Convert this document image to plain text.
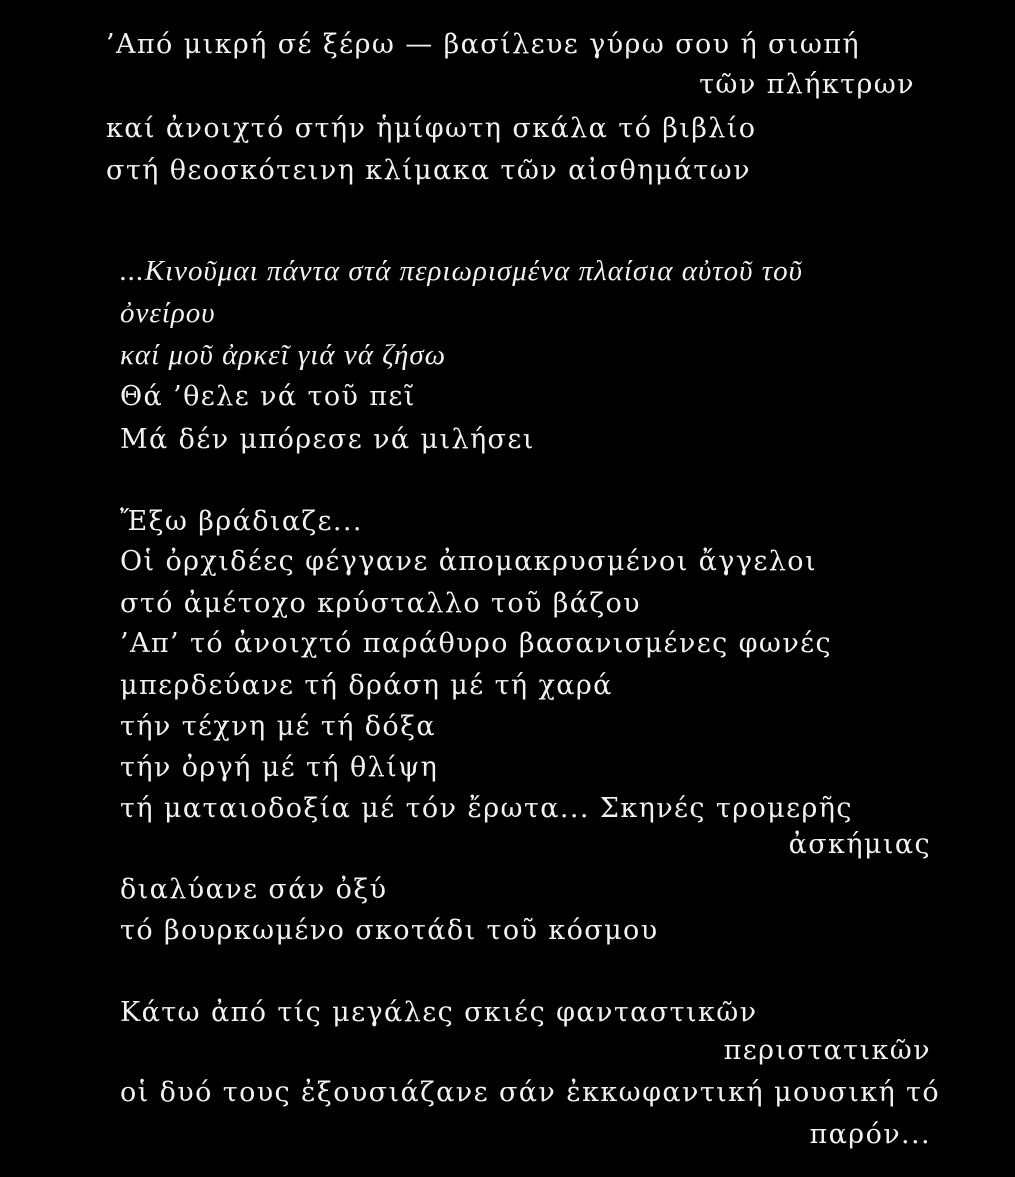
’Από μικρή σέ ξέρω — βασίλευε γύρω σου ή σιωπή
τῶν πλήκτρων
καί ἀνοιχτό στήν ἡμίφωτη σκάλα τό βιβλίο
στή θεοσκότεινη κλίμακα τῶν αἰσθημάτων
...Κινοῦμαι πάντα στά περιωρισμένα πλαίσια αὐτοῦ τοῦ
ὀνείρου
καί μοῦ ἀρκεῖ γιά νά ζήσω
Θά ’θελε νά τοῦ πεῖ
Μά δέν μπόρεσε νά μιλήσει
Ἔξω βράδιαζε...
Οἱ ὀρχιδέες φέγγανε ἀπομακρυσμένοι ἄγγελοι
στό ἀμέτοχο κρύσταλλο τοῦ βάζου
’Απ’ τό ἀνοιχτό παράθυρο βασανισμένες φωνές
μπερδεύανε τή δράση μέ τή χαρά
τήν τέχνη μέ τή δόξα
τήν ὀργή μέ τή θλίψη
τή ματαιοδοξία μέ τόν ἔρωτα... Σκηνές τρομερῆς
ἀσκήμιας
διαλύανε σάν ὀξύ
τό βουρκωμένο σκοτάδι τοῦ κόσμου
Κάτω ἀπό τίς μεγάλες σκιές φανταστικῶν
περιστατικῶν
οἱ δυό τους ἐξουσιάζανε σάν ἐκκωφαντική μουσική τό
παρόν...
